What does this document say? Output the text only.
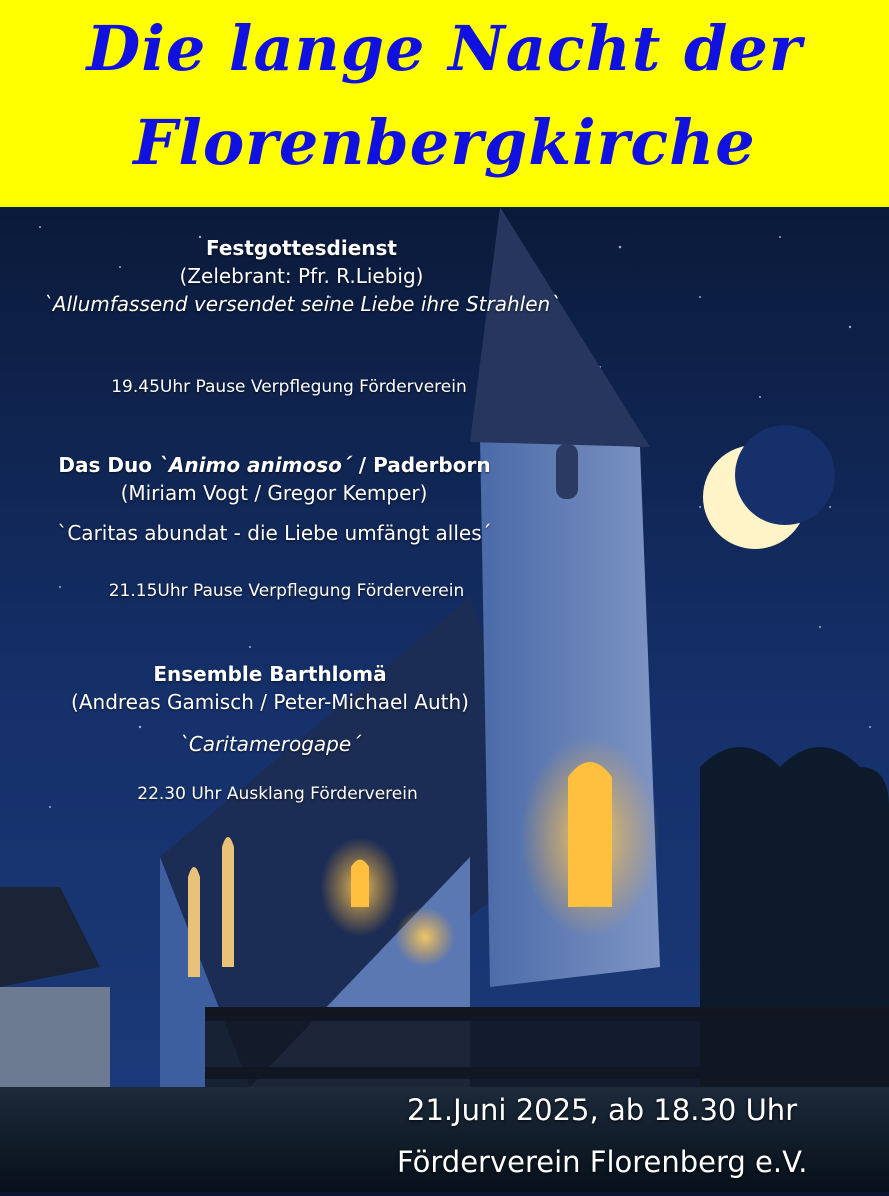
Die lange Nacht der
Florenbergkirche
Festgottesdienst
(Zelebrant: Pfr. R.Liebig)
`Allumfassend versendet seine Liebe ihre Strahlen`
19.45Uhr Pause Verpflegung Förderverein
Das Duo `Animo animoso´ / Paderborn
(Miriam Vogt / Gregor Kemper)
`Caritas abundat - die Liebe umfängt alles´
21.15Uhr Pause Verpflegung Förderverein
Ensemble Barthlomä
(Andreas Gamisch / Peter-Michael Auth)
`Caritamerogape´
22.30 Uhr Ausklang Förderverein
21.Juni 2025, ab 18.30 Uhr
Förderverein Florenberg e.V.
